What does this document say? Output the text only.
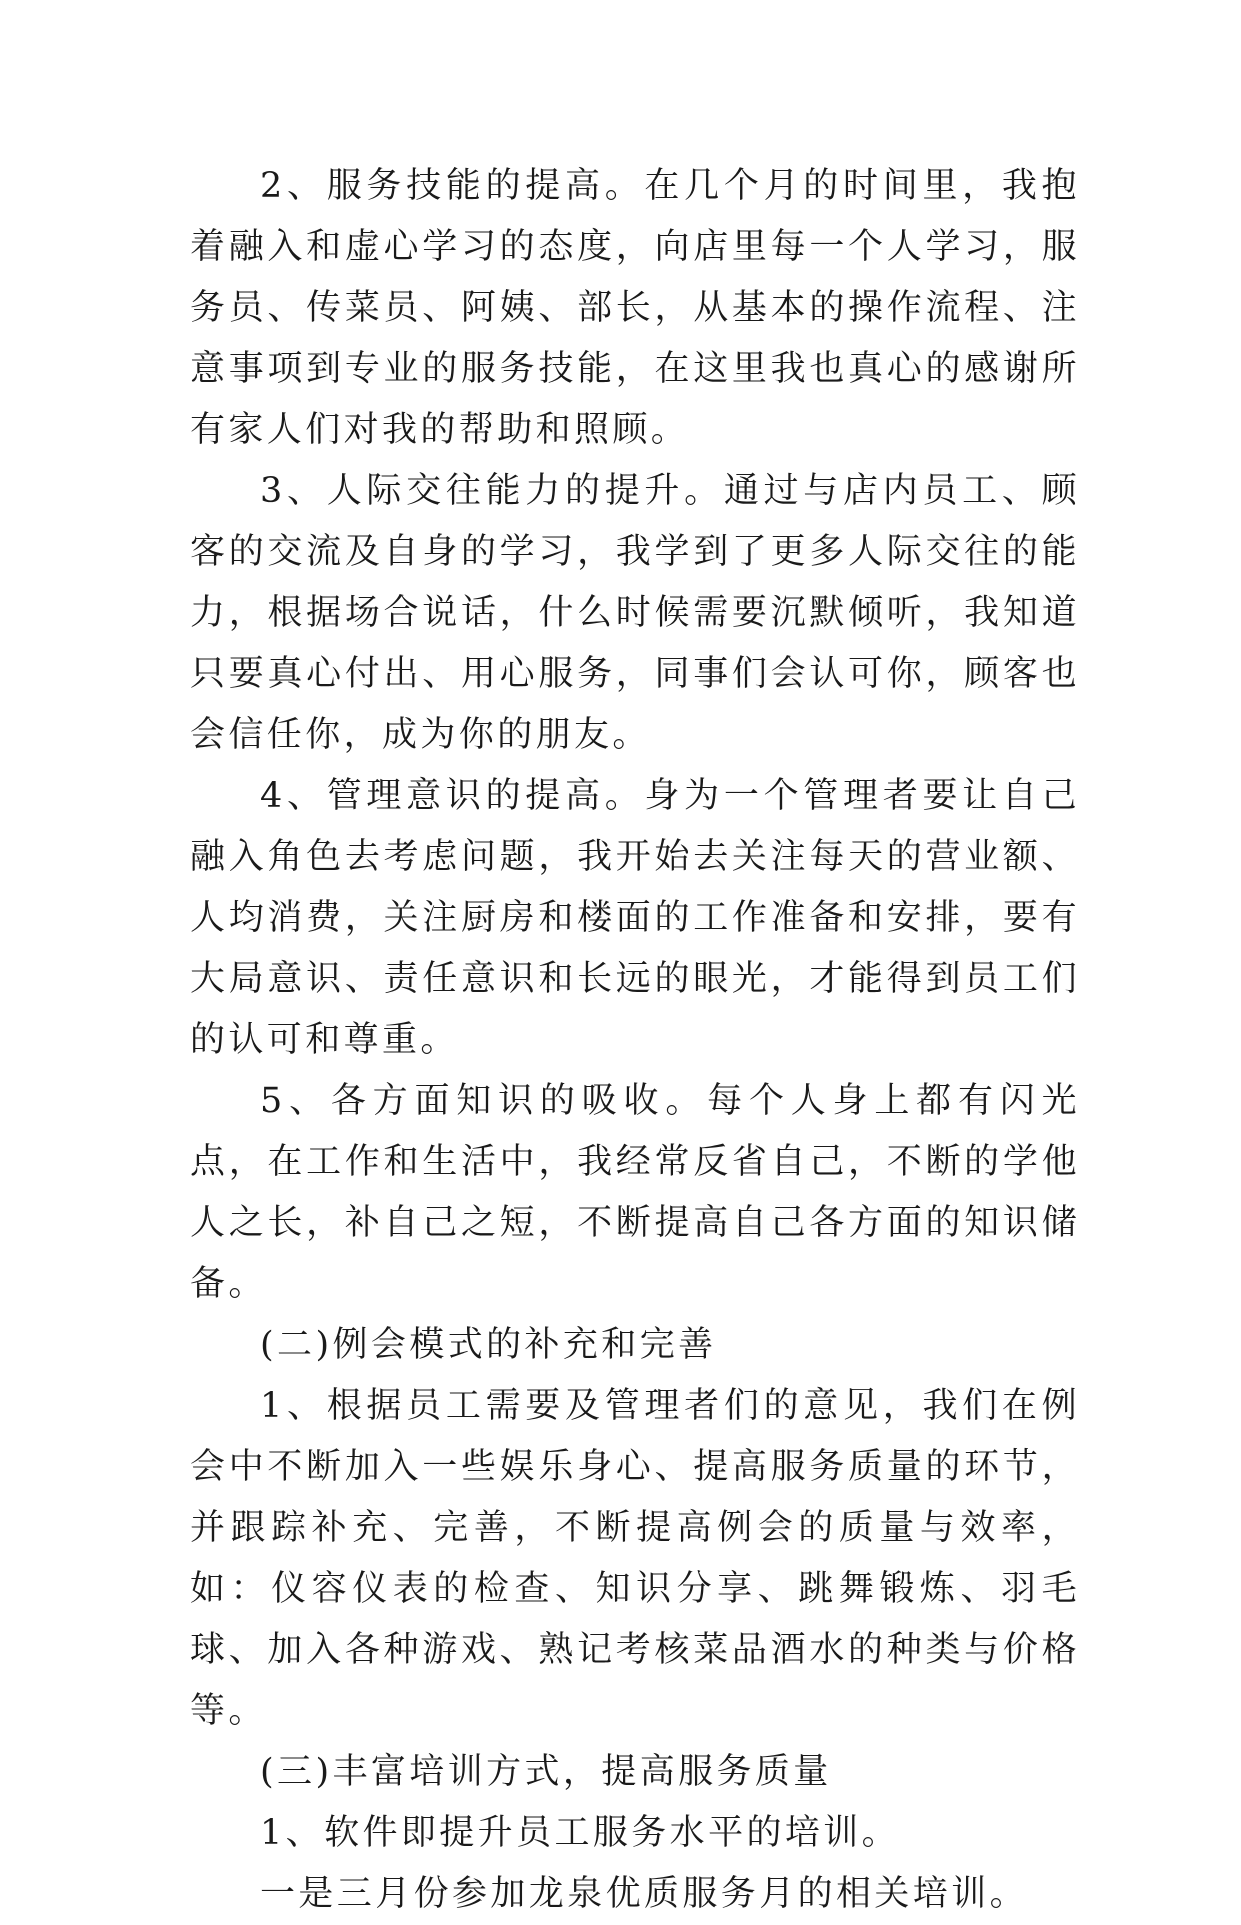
2、服务技能的提高。在几个月的时间里，我抱着融入和虚心学习的态度，向店里每一个人学习，服务员、传菜员、阿姨、部长，从基本的操作流程、注意事项到专业的服务技能，在这里我也真心的感谢所有家人们对我的帮助和照顾。

3、人际交往能力的提升。通过与店内员工、顾客的交流及自身的学习，我学到了更多人际交往的能力，根据场合说话，什么时候需要沉默倾听，我知道只要真心付出、用心服务，同事们会认可你，顾客也会信任你，成为你的朋友。

4、管理意识的提高。身为一个管理者要让自己融入角色去考虑问题，我开始去关注每天的营业额、人均消费，关注厨房和楼面的工作准备和安排，要有大局意识、责任意识和长远的眼光，才能得到员工们的认可和尊重。

5、各方面知识的吸收。每个人身上都有闪光点，在工作和生活中，我经常反省自己，不断的学他人之长，补自己之短，不断提高自己各方面的知识储备。

(二)例会模式的补充和完善

1、根据员工需要及管理者们的意见，我们在例会中不断加入一些娱乐身心、提高服务质量的环节，并跟踪补充、完善，不断提高例会的质量与效率，如：仪容仪表的检查、知识分享、跳舞锻炼、羽毛球、加入各种游戏、熟记考核菜品酒水的种类与价格等。

(三)丰富培训方式，提高服务质量

1、软件即提升员工服务水平的培训。

一是三月份参加龙泉优质服务月的相关培训。
